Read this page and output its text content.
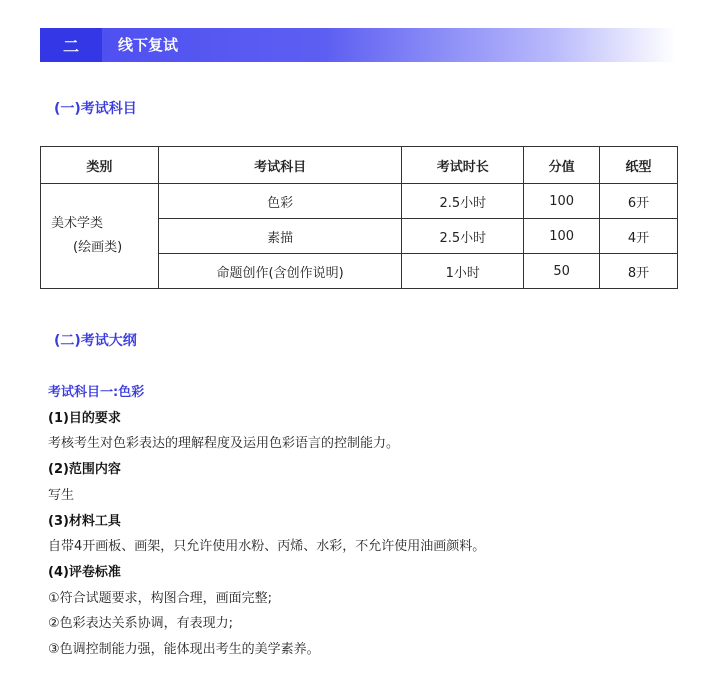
二	线下复试
(一)考试科目
类别	考试科目	考试时长	分值	纸型
美术学类
(绘画类)	色彩	2.5小时	100	6开
	素描	2.5小时	100	4开
	命题创作(含创作说明)	1小时	50	8开
(二)考试大纲
考试科目一:色彩
(1)目的要求
考核考生对色彩表达的理解程度及运用色彩语言的控制能力。
(2)范围内容
写生
(3)材料工具
自带4开画板、画架，只允许使用水粉、丙烯、水彩，不允许使用油画颜料。
(4)评卷标准
①符合试题要求，构图合理，画面完整;
②色彩表达关系协调，有表现力;
③色调控制能力强，能体现出考生的美学素养。
